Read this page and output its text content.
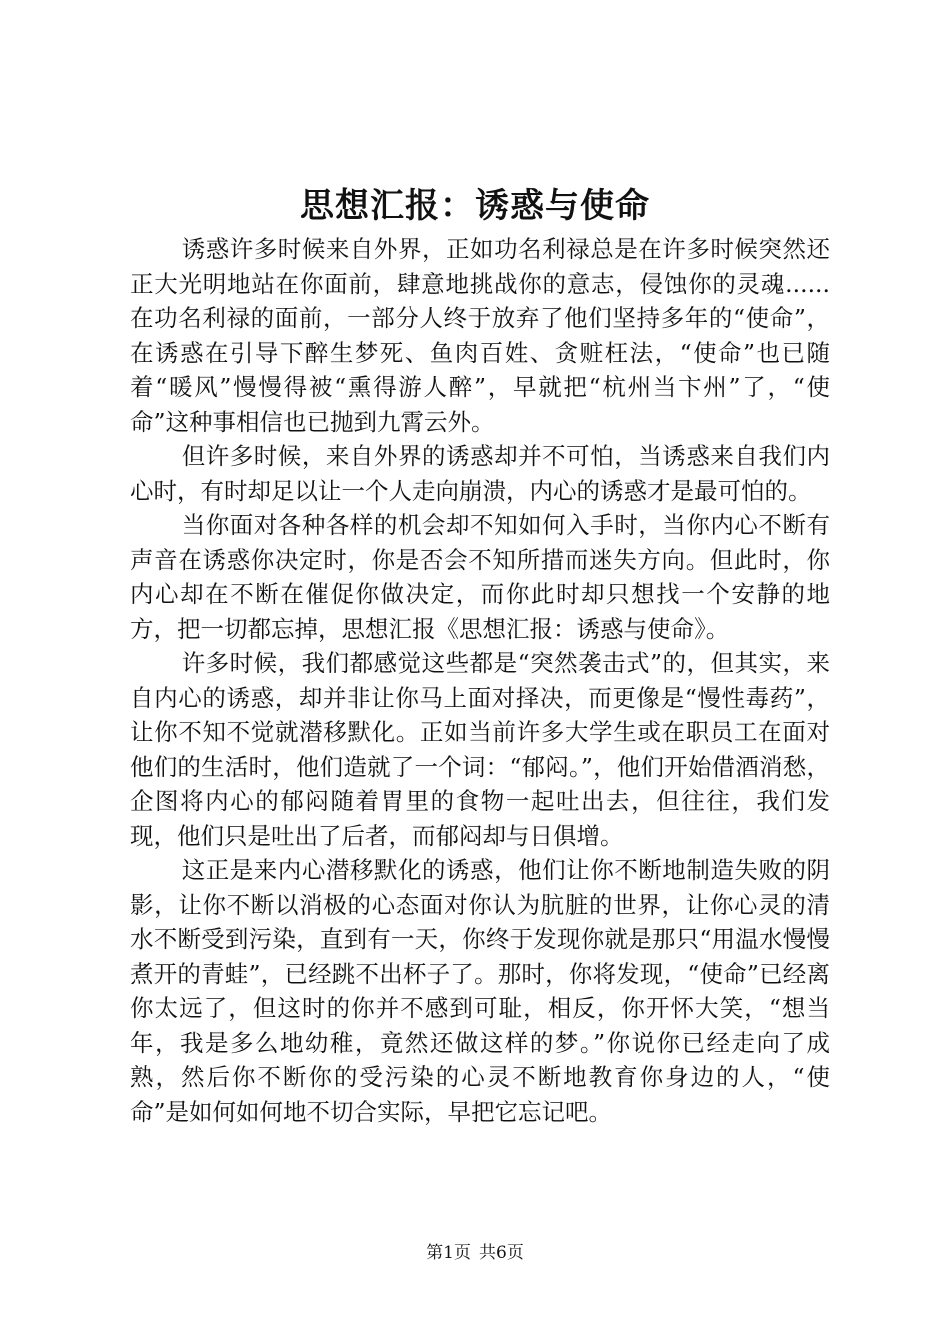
思想汇报：诱惑与使命

诱惑许多时候来自外界，正如功名利禄总是在许多时候突然还正大光明地站在你面前，肆意地挑战你的意志，侵蚀你的灵魂......在功名利禄的面前，一部分人终于放弃了他们坚持多年的“使命”，在诱惑在引导下醉生梦死、鱼肉百姓、贪赃枉法，“使命”也已随着“暖风”慢慢得被“熏得游人醉”，早就把“杭州当卞州”了，“使命”这种事相信也已抛到九霄云外。

但许多时候，来自外界的诱惑却并不可怕，当诱惑来自我们内心时，有时却足以让一个人走向崩溃，内心的诱惑才是最可怕的。

当你面对各种各样的机会却不知如何入手时，当你内心不断有声音在诱惑你决定时，你是否会不知所措而迷失方向。但此时，你内心却在不断在催促你做决定，而你此时却只想找一个安静的地方，把一切都忘掉，思想汇报《思想汇报：诱惑与使命》。

许多时候，我们都感觉这些都是“突然袭击式”的，但其实，来自内心的诱惑，却并非让你马上面对择决，而更像是“慢性毒药”，让你不知不觉就潜移默化。正如当前许多大学生或在职员工在面对他们的生活时，他们造就了一个词：“郁闷。”，他们开始借酒消愁，企图将内心的郁闷随着胃里的食物一起吐出去，但往往，我们发现，他们只是吐出了后者，而郁闷却与日俱增。

这正是来内心潜移默化的诱惑，他们让你不断地制造失败的阴影，让你不断以消极的心态面对你认为肮脏的世界，让你心灵的清水不断受到污染，直到有一天，你终于发现你就是那只“用温水慢慢煮开的青蛙”，已经跳不出杯子了。那时，你将发现，“使命”已经离你太远了，但这时的你并不感到可耻，相反，你开怀大笑，“想当年，我是多么地幼稚，竟然还做这样的梦。”你说你已经走向了成熟，然后你不断你的受污染的心灵不断地教育你身边的人，“使命”是如何如何地不切合实际，早把它忘记吧。

第1页 共6页
